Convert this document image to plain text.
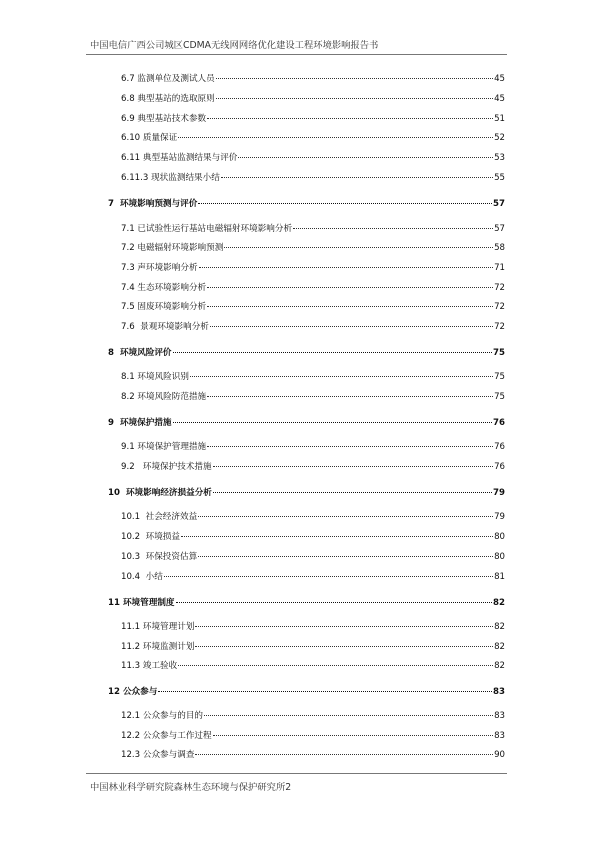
中国电信广西公司城区CDMA无线网网络优化建设工程环境影响报告书
6.7 监测单位及测试人员	45
6.8 典型基站的选取原则	45
6.9 典型基站技术参数	51
6.10 质量保证	52
6.11 典型基站监测结果与评价	53
6.11.3 现状监测结果小结	55
7  环境影响预测与评价	57
7.1 已试验性运行基站电磁辐射环境影响分析	57
7.2 电磁辐射环境影响预测	58
7.3 声环境影响分析	71
7.4 生态环境影响分析	72
7.5 固废环境影响分析	72
7.6  景观环境影响分析	72
8  环境风险评价	75
8.1 环境风险识别	75
8.2 环境风险防范措施	75
9  环境保护措施	76
9.1 环境保护管理措施	76
9.2   环境保护技术措施	76
10  环境影响经济损益分析	79
10.1  社会经济效益	79
10.2  环境损益	80
10.3  环保投资估算	80
10.4  小结	81
11 环境管理制度	82
11.1 环境管理计划	82
11.2 环境监测计划	82
11.3 竣工验收	82
12 公众参与	83
12.1 公众参与的目的	83
12.2 公众参与工作过程	83
12.3 公众参与调查	90
中国林业科学研究院森林生态环境与保护研究所2
